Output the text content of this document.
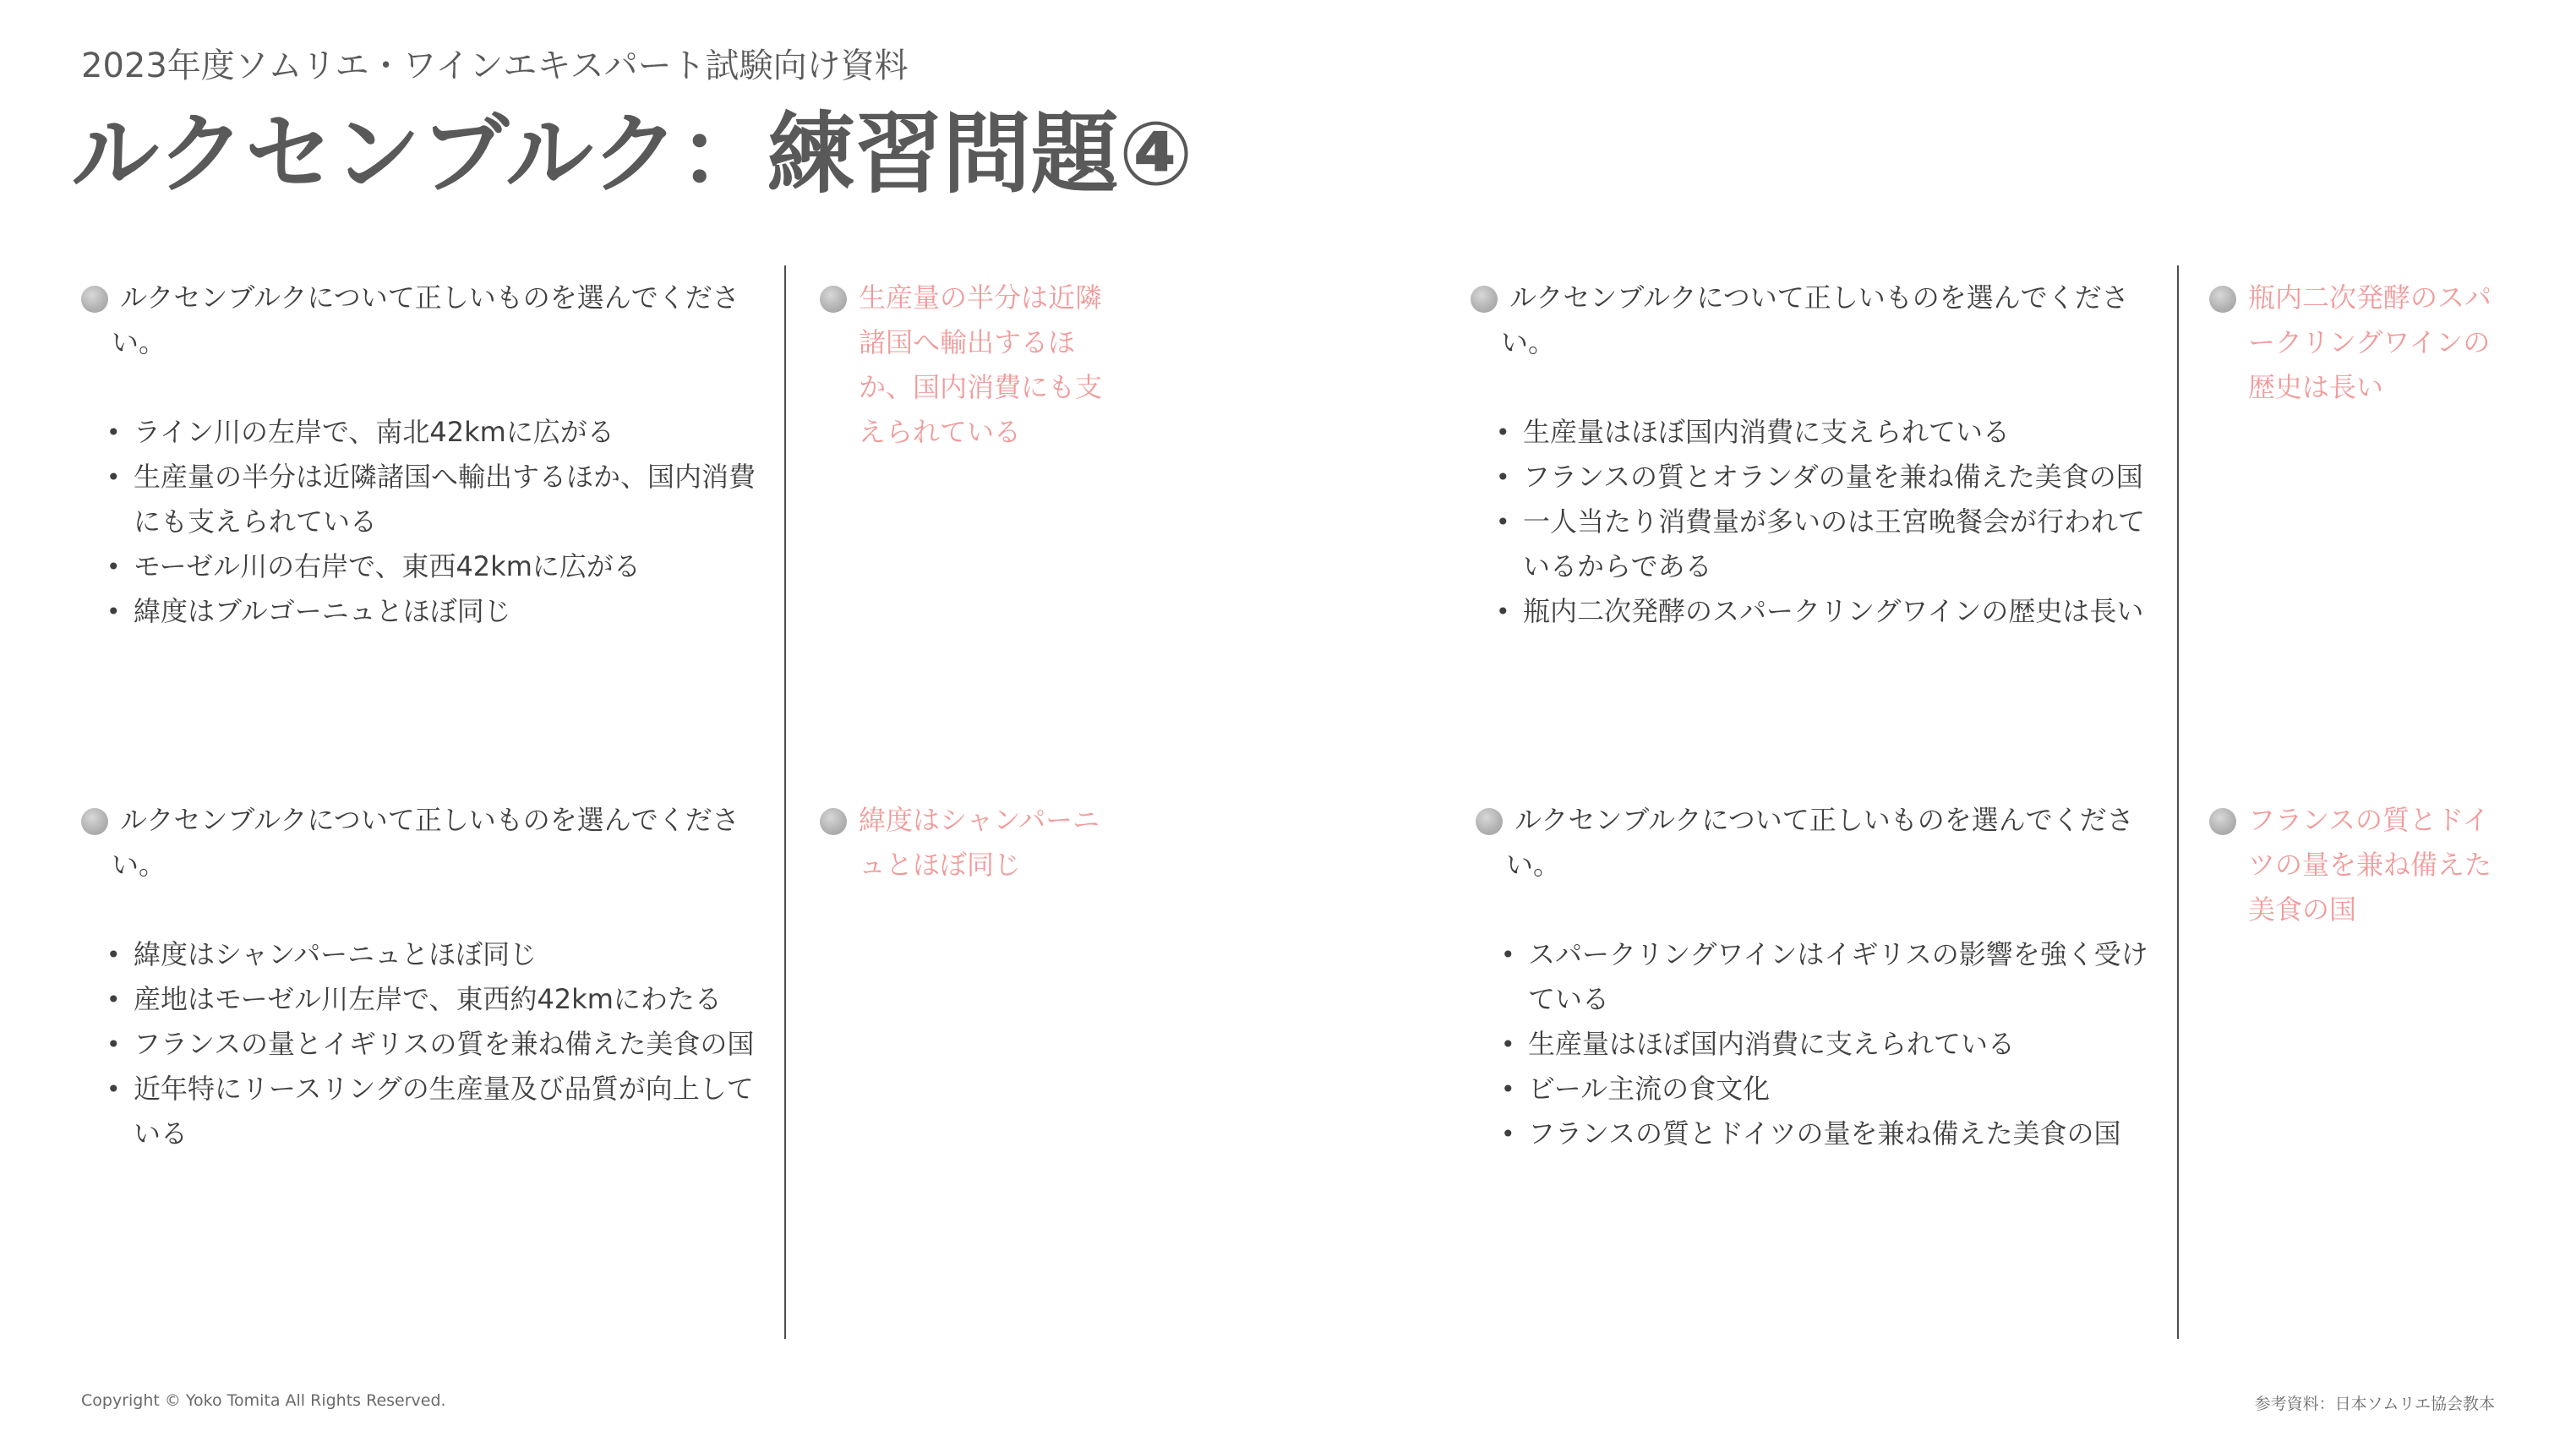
2023年度ソムリエ・ワインエキスパート試験向け資料
ルクセンブルク：練習問題④
ルクセンブルクについて正しいものを選んでくださ
い。
• ライン川の左岸で、南北42kmに広がる
• 生産量の半分は近隣諸国へ輸出するほか、国内消費にも支えられている
• モーゼル川の右岸で、東西42kmに広がる
• 緯度はブルゴーニュとほぼ同じ
生産量の半分は近隣諸国へ輸出するほか、国内消費にも支えられている
ルクセンブルクについて正しいものを選んでくださ
い。
• 生産量はほぼ国内消費に支えられている
• フランスの質とオランダの量を兼ね備えた美食の国
• 一人当たり消費量が多いのは王宮晩餐会が行われているからである
• 瓶内二次発酵のスパークリングワインの歴史は長い
瓶内二次発酵のスパークリングワインの歴史は長い
ルクセンブルクについて正しいものを選んでくださ
い。
• 緯度はシャンパーニュとほぼ同じ
• 産地はモーゼル川左岸で、東西約42kmにわたる
• フランスの量とイギリスの質を兼ね備えた美食の国
• 近年特にリースリングの生産量及び品質が向上している
緯度はシャンパーニュとほぼ同じ
ルクセンブルクについて正しいものを選んでくださ
い。
• スパークリングワインはイギリスの影響を強く受けている
• 生産量はほぼ国内消費に支えられている
• ビール主流の食文化
• フランスの質とドイツの量を兼ね備えた美食の国
フランスの質とドイツの量を兼ね備えた美食の国
Copyright © Yoko Tomita All Rights Reserved.	参考資料：日本ソムリエ協会教本
